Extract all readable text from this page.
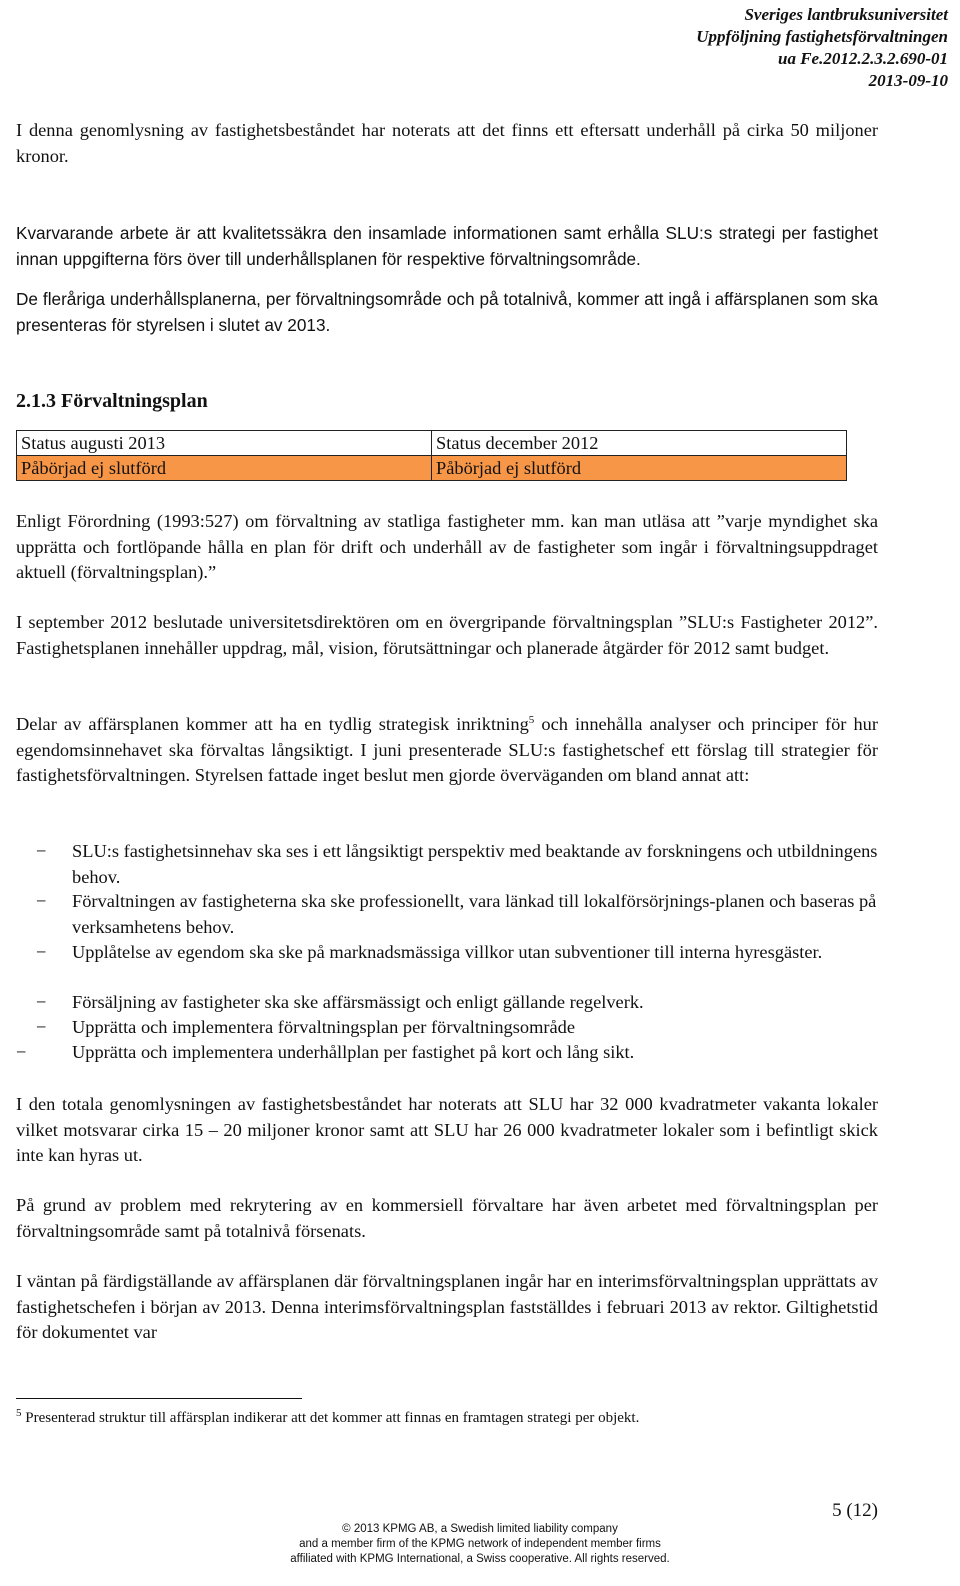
Sveriges lantbruksuniversitet
Uppföljning fastighetsförvaltningen
ua Fe.2012.2.3.2.690-01
2013-09-10

I denna genomlysning av fastighetsbeståndet har noterats att det finns ett eftersatt underhåll på cirka 50 miljoner kronor.

Kvarvarande arbete är att kvalitetssäkra den insamlade informationen samt erhålla SLU:s strategi per fastighet innan uppgifterna förs över till underhållsplanen för respektive förvaltningsområde.

De fleråriga underhållsplanerna, per förvaltningsområde och på totalnivå, kommer att ingå i affärsplanen som ska presenteras för styrelsen i slutet av 2013.

2.1.3 Förvaltningsplan
Status augusti 2013	Status december 2012
Påbörjad ej slutförd	Påbörjad ej slutförd

Enligt Förordning (1993:527) om förvaltning av statliga fastigheter mm. kan man utläsa att ”varje myndighet ska upprätta och fortlöpande hålla en plan för drift och underhåll av de fastigheter som ingår i förvaltningsuppdraget aktuell (förvaltningsplan).”

I september 2012 beslutade universitetsdirektören om en övergripande förvaltningsplan ”SLU:s Fastigheter 2012”. Fastighetsplanen innehåller uppdrag, mål, vision, förutsättningar och planerade åtgärder för 2012 samt budget.

Delar av affärsplanen kommer att ha en tydlig strategisk inriktning$^5$ och innehålla analyser och principer för hur egendomsinnehavet ska förvaltas långsiktigt. I juni presenterade SLU:s fastighetschef ett förslag till strategier för fastighetsförvaltningen. Styrelsen fattade inget beslut men gjorde överväganden om bland annat att:

− SLU:s fastighetsinnehav ska ses i ett långsiktigt perspektiv med beaktande av forskningens och utbildningens behov.

− Förvaltningen av fastigheterna ska ske professionellt, vara länkad till lokalförsörjnings-planen och baseras på verksamhetens behov.

− Upplåtelse av egendom ska ske på marknadsmässiga villkor utan subventioner till interna hyresgäster.

− Försäljning av fastigheter ska ske affärsmässigt och enligt gällande regelverk.

− Upprätta och implementera förvaltningsplan per förvaltningsområde

− Upprätta och implementera underhållplan per fastighet på kort och lång sikt.

I den totala genomlysningen av fastighetsbeståndet har noterats att SLU har 32 000 kvadratmeter vakanta lokaler vilket motsvarar cirka 15 – 20 miljoner kronor samt att SLU har 26 000 kvadratmeter lokaler som i befintligt skick inte kan hyras ut.

På grund av problem med rekrytering av en kommersiell förvaltare har även arbetet med förvaltningsplan per förvaltningsområde samt på totalnivå försenats.

I väntan på färdigställande av affärsplanen där förvaltningsplanen ingår har en interimsförvaltningsplan upprättats av fastighetschefen i början av 2013. Denna interimsförvaltningsplan fastställdes i februari 2013 av rektor. Giltighetstid för dokumentet var

$^5$ Presenterad struktur till affärsplan indikerar att det kommer att finnas en framtagen strategi per objekt.
5 (12)
© 2013 KPMG AB, a Swedish limited liability company
and a member firm of the KPMG network of independent member firms
affiliated with KPMG International, a Swiss cooperative. All rights reserved.
